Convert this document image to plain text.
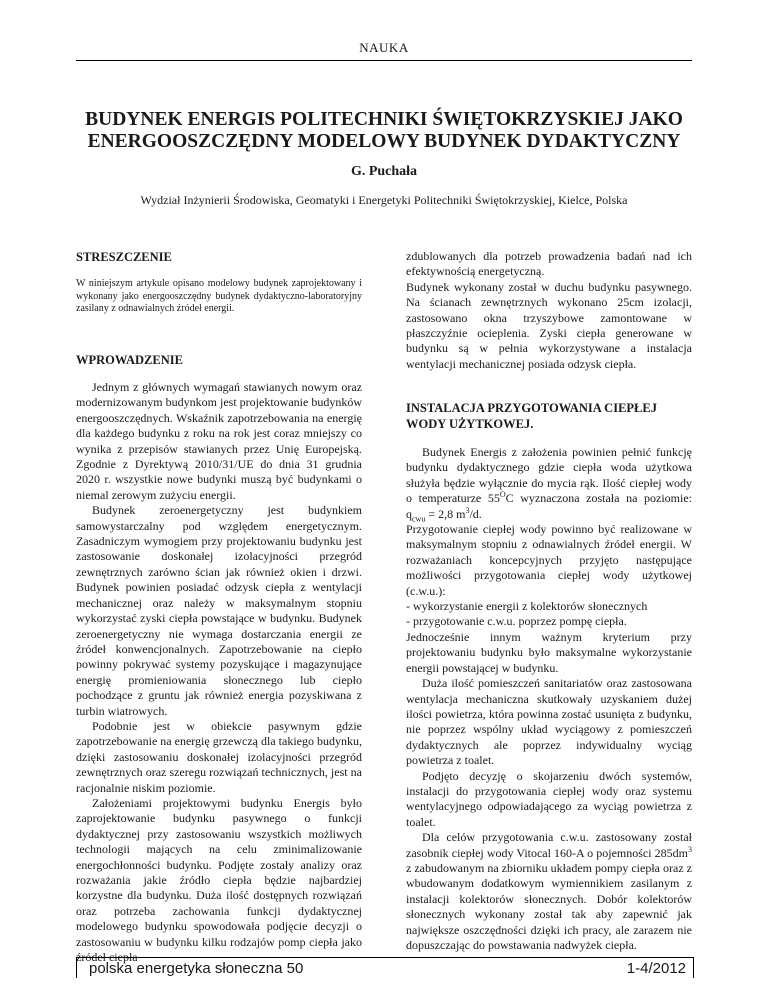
NAUKA
BUDYNEK ENERGIS POLITECHNIKI ŚWIĘTOKRZYSKIEJ JAKO
ENERGOOSZCZĘDNY MODELOWY BUDYNEK DYDAKTYCZNY
G. Puchała
Wydział Inżynierii Środowiska, Geomatyki i Energetyki Politechniki Świętokrzyskiej, Kielce, Polska
STRESZCZENIE
W niniejszym artykule opisano modelowy budynek zaprojektowany i wykonany jako energooszczędny budynek dydaktyczno-laboratoryjny zasilany z odnawialnych źródeł energii.
WPROWADZENIE

Jednym z głównych wymagań stawianych nowym oraz modernizowanym budynkom jest projektowanie budynków energooszczędnych. Wskaźnik zapotrzebowania na energię dla każdego budynku z roku na rok jest coraz mniejszy co wynika z przepisów stawianych przez Unię Europejską. Zgodnie z Dyrektywą 2010/31/UE do dnia 31 grudnia 2020 r. wszystkie nowe budynki muszą być budynkami o niemal zerowym zużyciu energii.

Budynek zeroenergetyczny jest budynkiem samowystarczalny pod względem energetycznym. Zasadniczym wymogiem przy projektowaniu budynku jest zastosowanie doskonałej izolacyjności przegród zewnętrznych zarówno ścian jak również okien i drzwi. Budynek powinien posiadać odzysk ciepła z wentylacji mechanicznej oraz należy w maksymalnym stopniu wykorzystać zyski ciepła powstające w budynku. Budynek zeroenergetyczny nie wymaga dostarczania energii ze źródeł konwencjonalnych. Zapotrzebowanie na ciepło powinny pokrywać systemy pozyskujące i magazynujące energię promieniowania słonecznego lub ciepło pochodzące z gruntu jak również energia pozyskiwana z turbin wiatrowych.

Podobnie jest w obiekcie pasywnym gdzie zapotrzebowanie na energię grzewczą dla takiego budynku, dzięki zastosowaniu doskonałej izolacyjności przegród zewnętrznych oraz szeregu rozwiązań technicznych, jest na racjonalnie niskim poziomie.

Założeniami projektowymi budynku Energis było zaprojektowanie budynku pasywnego o funkcji dydaktycznej przy zastosowaniu wszystkich możliwych technologii mających na celu zminimalizowanie energochłonności budynku. Podjęte zostały analizy oraz rozważania jakie źródło ciepła będzie najbardziej korzystne dla budynku. Duża ilość dostępnych rozwiązań oraz potrzeba zachowania funkcji dydaktycznej modelowego budynku spowodowała podjęcie decyzji o zastosowaniu w budynku kilku rodzajów pomp ciepła jako źródeł ciepła

zdublowanych dla potrzeb prowadzenia badań nad ich efektywnością energetyczną.

Budynek wykonany został w duchu budynku pasywnego. Na ścianach zewnętrznych wykonano 25cm izolacji, zastosowano okna trzyszybowe zamontowane w płaszczyźnie ocieplenia. Zyski ciepła generowane w budynku są w pełnia wykorzystywane a instalacja wentylacji mechanicznej posiada odzysk ciepła.

INSTALACJA PRZYGOTOWANIA CIEPŁEJ WODY UŻYTKOWEJ.

Budynek Energis z założenia powinien pełnić funkcję budynku dydaktycznego gdzie ciepła woda użytkowa służyła będzie wyłącznie do mycia rąk. Ilość ciepłej wody o temperaturze $55^OC$ wyznaczona została na poziomie: $q_{cwu} = 2,8$ $m^3/d$.

Przygotowanie ciepłej wody powinno być realizowane w maksymalnym stopniu z odnawialnych źródeł energii. W rozważaniach koncepcyjnych przyjęto następujące możliwości przygotowania ciepłej wody użytkowej (c.w.u.):

- wykorzystanie energii z kolektorów słonecznych

- przygotowanie c.w.u. poprzez pompę ciepła.

Jednocześnie innym ważnym kryterium przy projektowaniu budynku było maksymalne wykorzystanie energii powstającej w budynku.

Duża ilość pomieszczeń sanitariatów oraz zastosowana wentylacja mechaniczna skutkowały uzyskaniem dużej ilości powietrza, która powinna zostać usunięta z budynku, nie poprzez wspólny układ wyciągowy z pomieszczeń dydaktycznych ale poprzez indywidualny wyciąg powietrza z toalet.

Podjęto decyzję o skojarzeniu dwóch systemów, instalacji do przygotowania ciepłej wody oraz systemu wentylacyjnego odpowiadającego za wyciąg powietrza z toalet.

Dla celów przygotowania c.w.u. zastosowany został zasobnik ciepłej wody Vitocal 160-A o pojemności $285dm^3$ z zabudowanym na zbiorniku układem pompy ciepła oraz z wbudowanym dodatkowym wymiennikiem zasilanym z instalacji kolektorów słonecznych. Dobór kolektorów słonecznych wykonany został tak aby zapewnić jak największe oszczędności dzięki ich pracy, ale zarazem nie dopuszczając do powstawania nadwyżek ciepła.

polska energetyka słoneczna 50	1-4/2012
